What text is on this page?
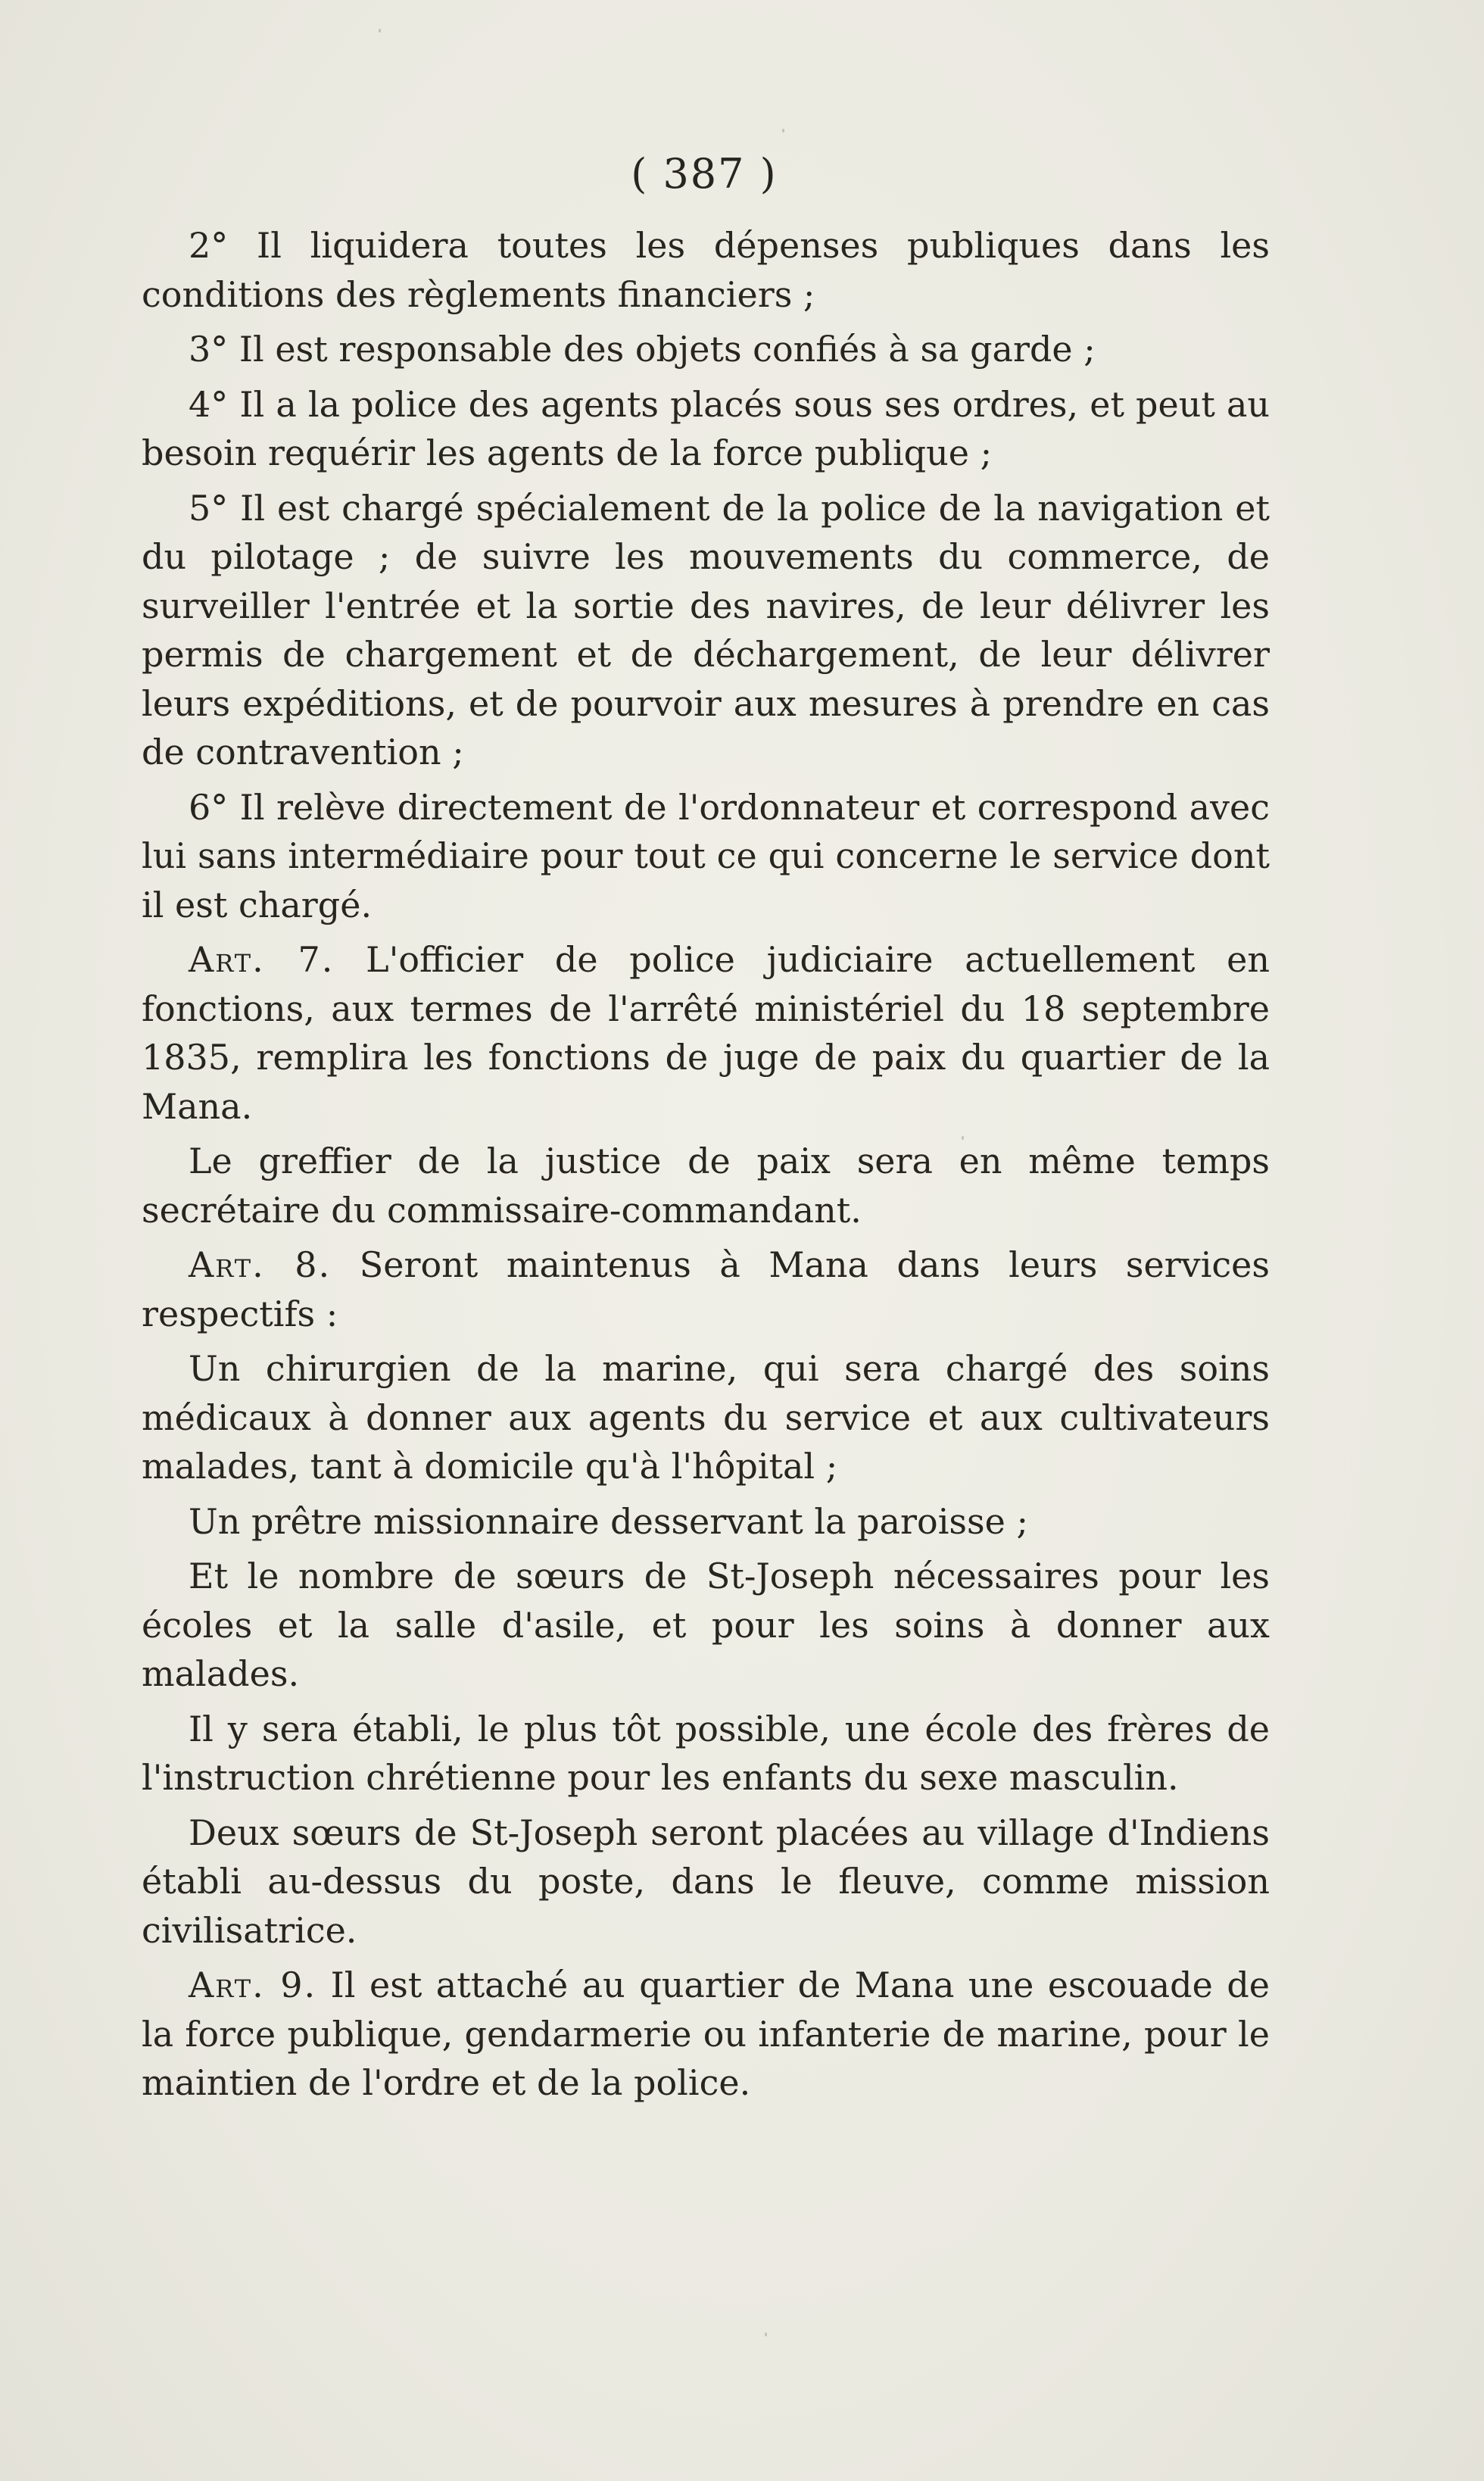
( 387 )

2° Il liquidera toutes les dépenses publiques dans les conditions des règlements financiers ;

3° Il est responsable des objets confiés à sa garde ;

4° Il a la police des agents placés sous ses ordres, et peut au besoin requérir les agents de la force publique ;

5° Il est chargé spécialement de la police de la navigation et du pilotage ; de suivre les mouvements du commerce, de surveiller l'entrée et la sortie des navires, de leur délivrer les permis de chargement et de déchargement, de leur délivrer leurs expéditions, et de pourvoir aux mesures à prendre en cas de contravention ;

6° Il relève directement de l'ordonnateur et correspond avec lui sans intermédiaire pour tout ce qui concerne le service dont il est chargé.

Art. 7. L'officier de police judiciaire actuellement en fonctions, aux termes de l'arrêté ministériel du 18 septembre 1835, remplira les fonctions de juge de paix du quartier de la Mana.

Le greffier de la justice de paix sera en même temps secrétaire du commissaire-commandant.

Art. 8. Seront maintenus à Mana dans leurs services respectifs :

Un chirurgien de la marine, qui sera chargé des soins médicaux à donner aux agents du service et aux cultivateurs malades, tant à domicile qu'à l'hôpital ;

Un prêtre missionnaire desservant la paroisse ;

Et le nombre de sœurs de St-Joseph nécessaires pour les écoles et la salle d'asile, et pour les soins à donner aux malades.

Il y sera établi, le plus tôt possible, une école des frères de l'instruction chrétienne pour les enfants du sexe masculin.

Deux sœurs de St-Joseph seront placées au village d'Indiens établi au-dessus du poste, dans le fleuve, comme mission civilisatrice.

Art. 9. Il est attaché au quartier de Mana une escouade de la force publique, gendarmerie ou infanterie de marine, pour le maintien de l'ordre et de la police.
